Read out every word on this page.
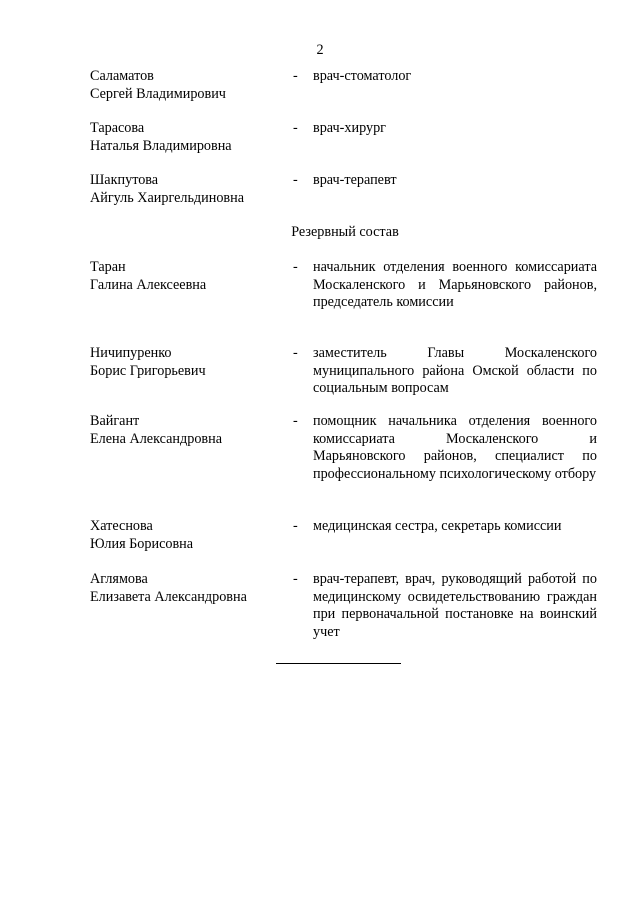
2
Саламатов
Сергей Владимирович
- врач-стоматолог
Тарасова
Наталья Владимировна
- врач-хирург
Шакпутова
Айгуль Хаиргельдиновна
- врач-терапевт
Резервный состав
Таран
Галина Алексеевна
- начальник отделения военного комиссариата Москаленского и Марьяновского районов, председатель комиссии
Ничипуренко
Борис Григорьевич
- заместитель Главы Москаленского муниципального района Омской области по социальным вопросам
Вайгант
Елена Александровна
- помощник начальника отделения военного комиссариата Москаленского и Марьяновского районов, специалист по профессиональному психологическому отбору
Хатеснова
Юлия Борисовна
- медицинская сестра, секретарь комиссии
Аглямова
Елизавета Александровна
- врач-терапевт, врач, руководящий работой по медицинскому освидетельствованию граждан при первоначальной постановке на воинский учет
